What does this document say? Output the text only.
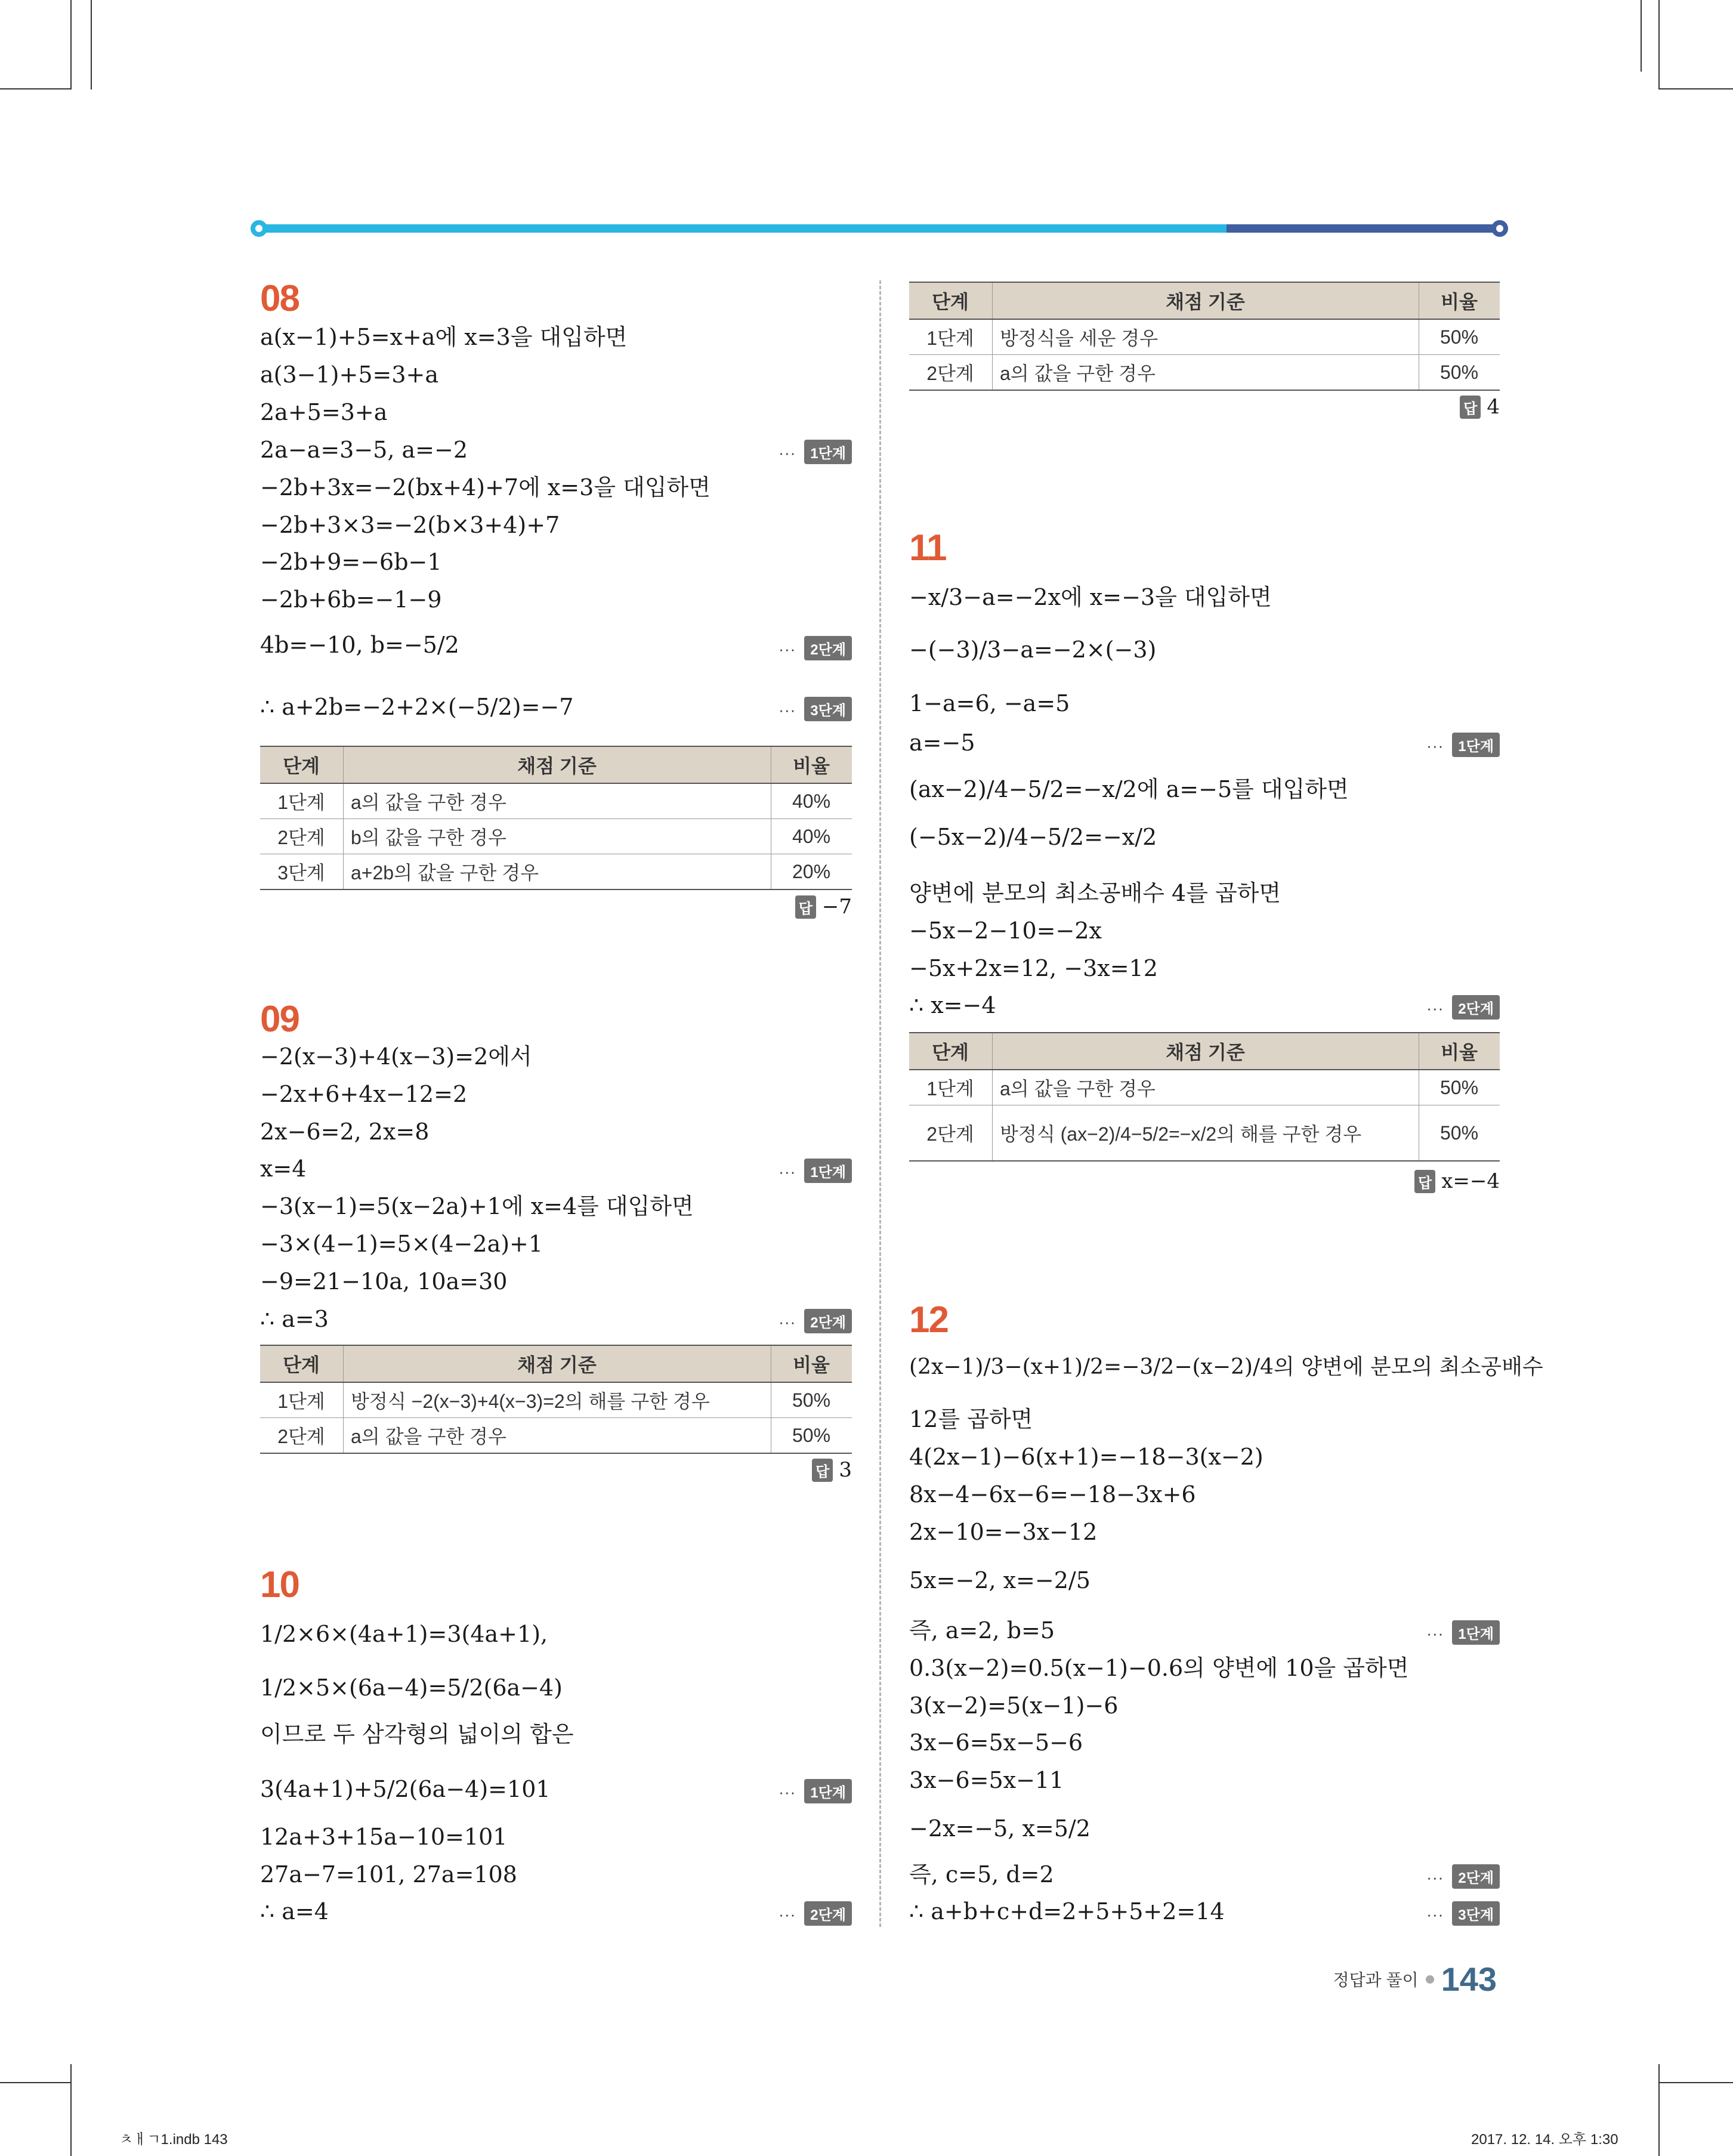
08
a(x−1)+5=x+a에 x=3을 대입하면
a(3−1)+5=3+a
2a+5=3+a
2a−a=3−5, a=−2	··· 1단계
−2b+3x=−2(bx+4)+7에 x=3을 대입하면
−2b+3×3=−2(b×3+4)+7
−2b+9=−6b−1
−2b+6b=−1−9
4b=−10, b=−5/2	··· 2단계
∴ a+2b=−2+2×(−5/2)=−7	··· 3단계
단계	채점 기준	비율
1단계	a의 값을 구한 경우	40%
2단계	b의 값을 구한 경우	40%
3단계	a+2b의 값을 구한 경우	20%
답 −7
09
−2(x−3)+4(x−3)=2에서
−2x+6+4x−12=2
2x−6=2, 2x=8
x=4	··· 1단계
−3(x−1)=5(x−2a)+1에 x=4를 대입하면
−3×(4−1)=5×(4−2a)+1
−9=21−10a, 10a=30
∴ a=3	··· 2단계
단계	채점 기준	비율
1단계	방정식 −2(x−3)+4(x−3)=2의 해를 구한 경우	50%
2단계	a의 값을 구한 경우	50%
답 3
10
1/2×6×(4a+1)=3(4a+1),
1/2×5×(6a−4)=5/2(6a−4)
이므로 두 삼각형의 넓이의 합은
3(4a+1)+5/2(6a−4)=101	··· 1단계
12a+3+15a−10=101
27a−7=101, 27a=108
∴ a=4	··· 2단계
단계	채점 기준	비율
1단계	방정식을 세운 경우	50%
2단계	a의 값을 구한 경우	50%
답 4
11
−x/3−a=−2x에 x=−3을 대입하면
−(−3)/3−a=−2×(−3)
1−a=6, −a=5
a=−5	··· 1단계
(ax−2)/4−5/2=−x/2에 a=−5를 대입하면
(−5x−2)/4−5/2=−x/2
양변에 분모의 최소공배수 4를 곱하면
−5x−2−10=−2x
−5x+2x=12, −3x=12
∴ x=−4	··· 2단계
단계	채점 기준	비율
1단계	a의 값을 구한 경우	50%
2단계	방정식 (ax−2)/4−5/2=−x/2의 해를 구한 경우	50%
답 x=−4
12
(2x−1)/3−(x+1)/2=−3/2−(x−2)/4의 양변에 분모의 최소공배수
12를 곱하면
4(2x−1)−6(x+1)=−18−3(x−2)
8x−4−6x−6=−18−3x+6
2x−10=−3x−12
5x=−2, x=−2/5
즉, a=2, b=5	··· 1단계
0.3(x−2)=0.5(x−1)−0.6의 양변에 10을 곱하면
3(x−2)=5(x−1)−6
3x−6=5x−5−6
3x−6=5x−11
−2x=−5, x=5/2
즉, c=5, d=2	··· 2단계
∴ a+b+c+d=2+5+5+2=14	··· 3단계
정답과 풀이 143
ㅊㅐㄱ1.indb 143	2017. 12. 14. 오후 1:30
